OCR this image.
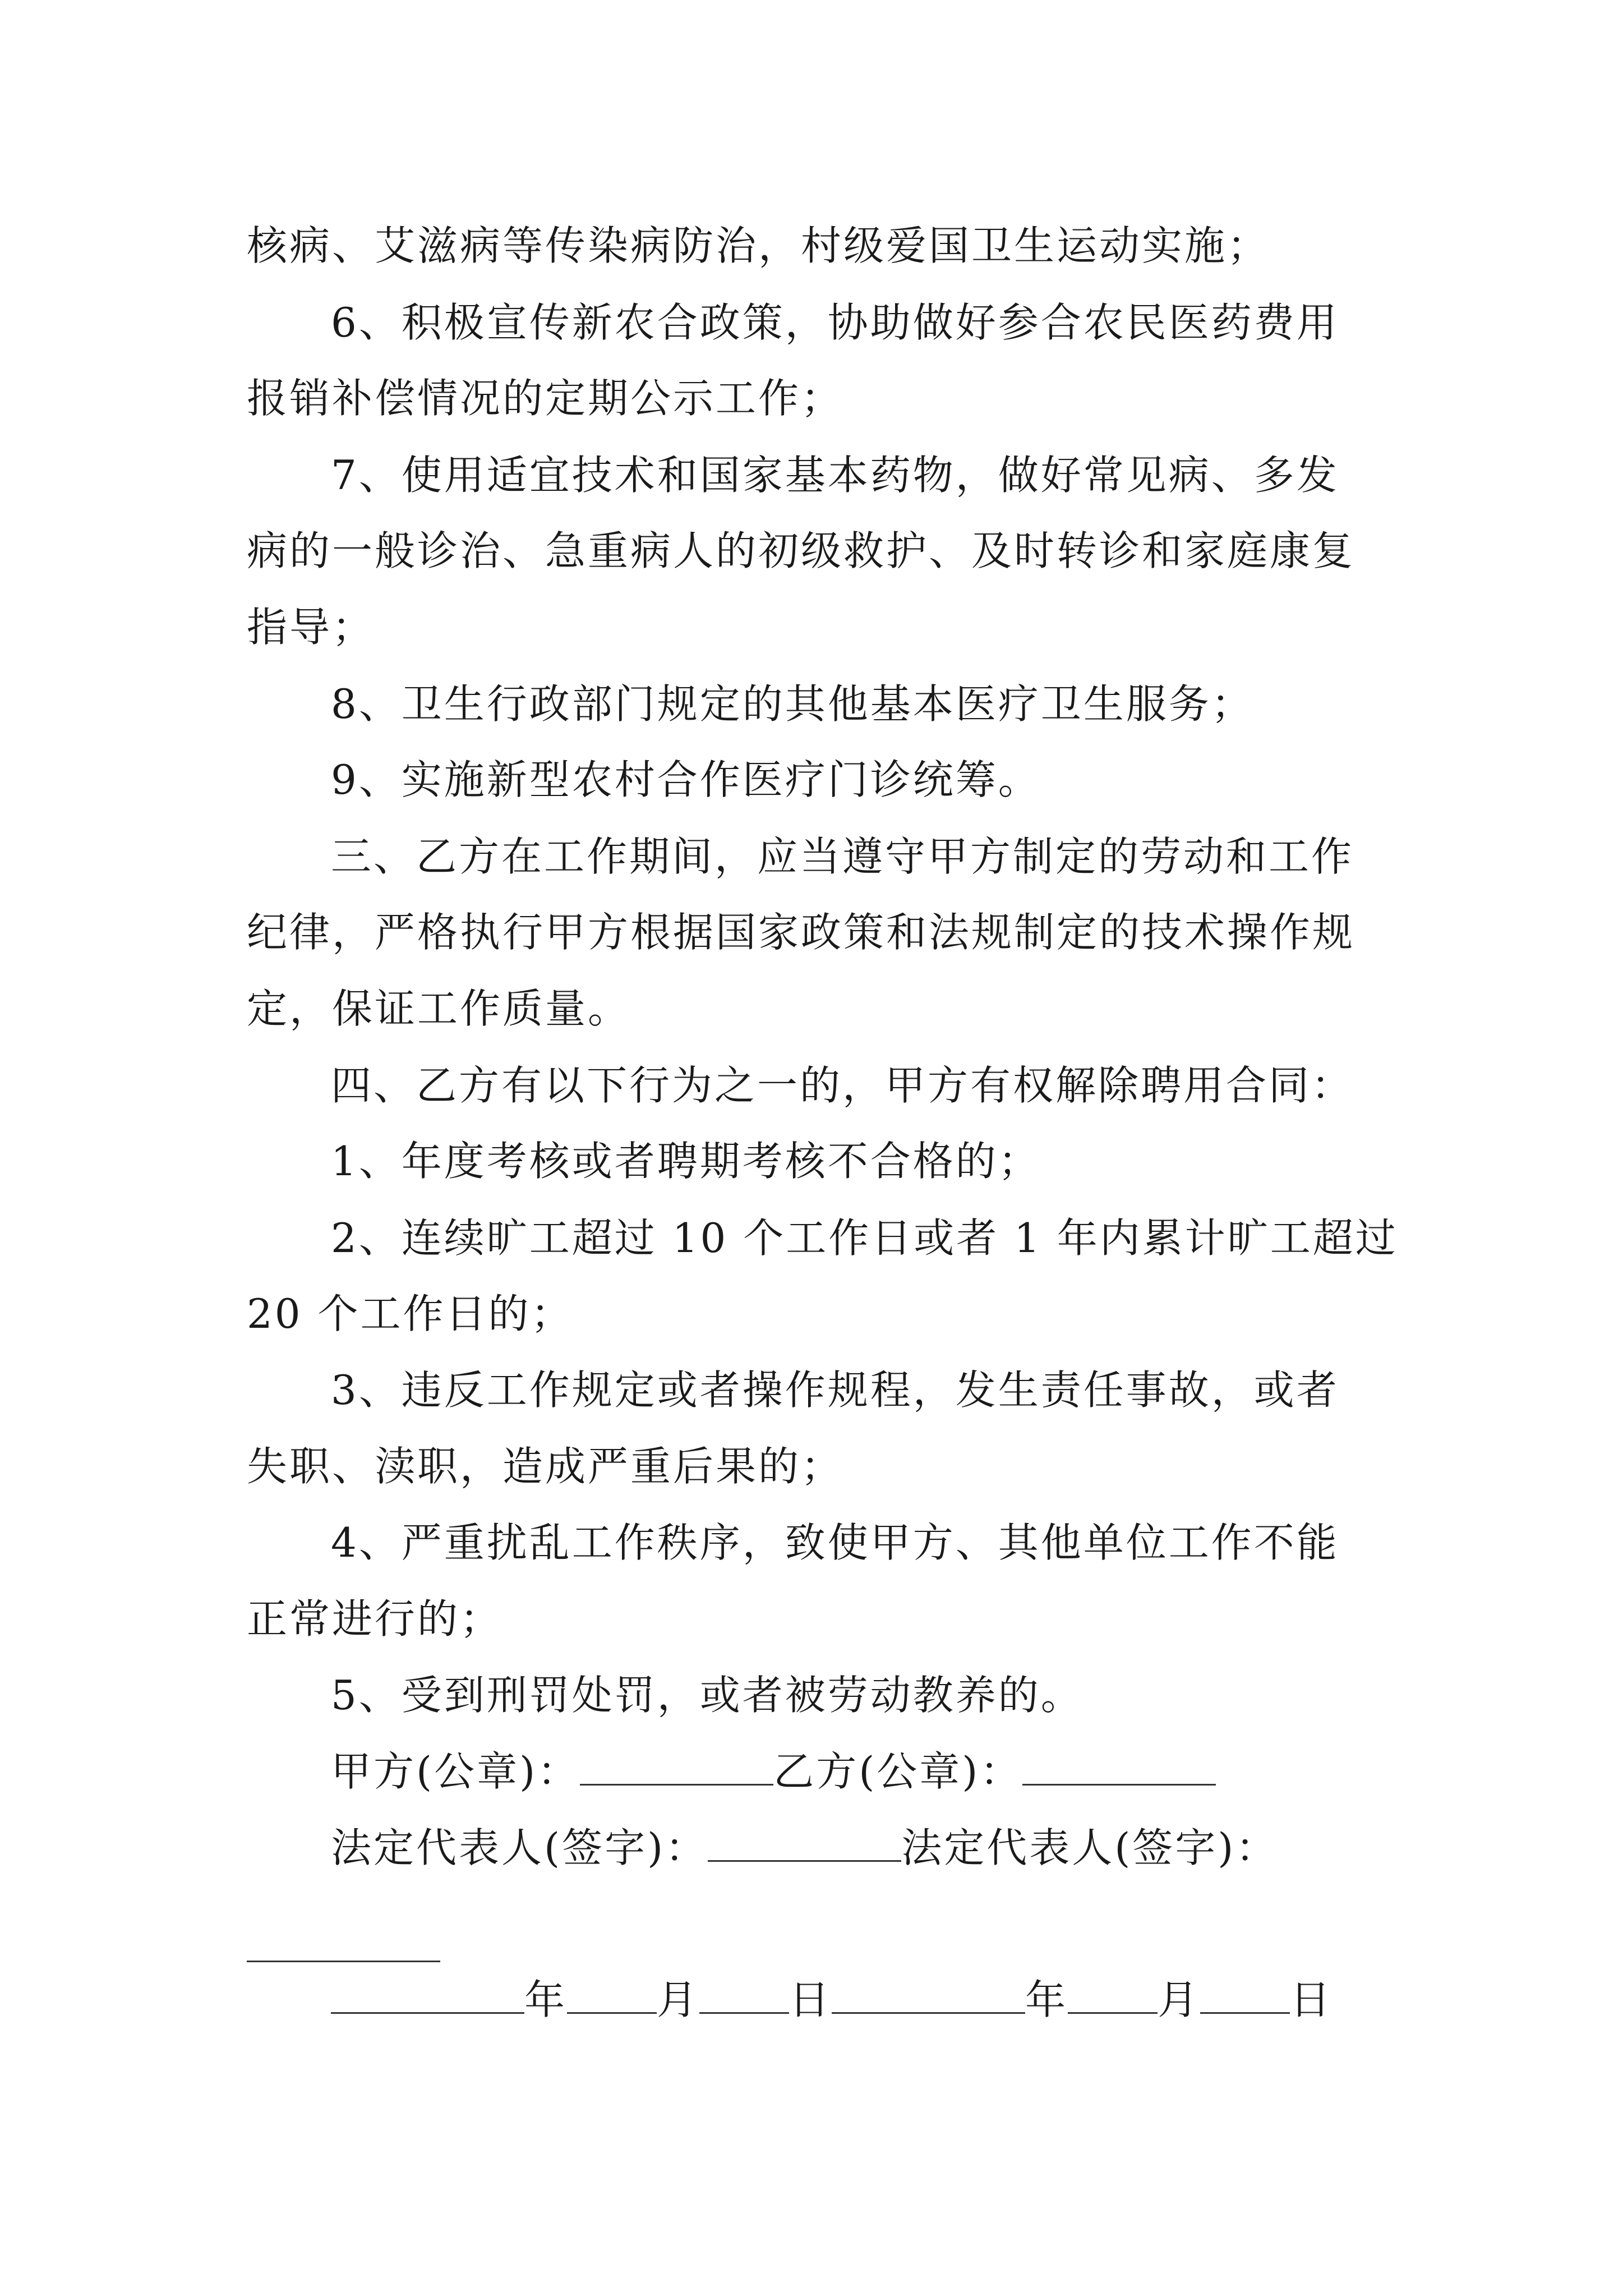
核病、艾滋病等传染病防治，村级爱国卫生运动实施；
6、积极宣传新农合政策，协助做好参合农民医药费用
报销补偿情况的定期公示工作；
7、使用适宜技术和国家基本药物，做好常见病、多发
病的一般诊治、急重病人的初级救护、及时转诊和家庭康复
指导；
8、卫生行政部门规定的其他基本医疗卫生服务；
9、实施新型农村合作医疗门诊统筹。
三、乙方在工作期间，应当遵守甲方制定的劳动和工作
纪律，严格执行甲方根据国家政策和法规制定的技术操作规
定，保证工作质量。
四、乙方有以下行为之一的，甲方有权解除聘用合同：
1、年度考核或者聘期考核不合格的；
2、连续旷工超过 10 个工作日或者 1 年内累计旷工超过
20 个工作日的；
3、违反工作规定或者操作规程，发生责任事故，或者
失职、渎职，造成严重后果的；
4、严重扰乱工作秩序，致使甲方、其他单位工作不能
正常进行的；
5、受到刑罚处罚，或者被劳动教养的。
甲方(公章)：	乙方(公章)：
法定代表人(签字)：	法定代表人(签字)：
年 月 日	年 月 日
